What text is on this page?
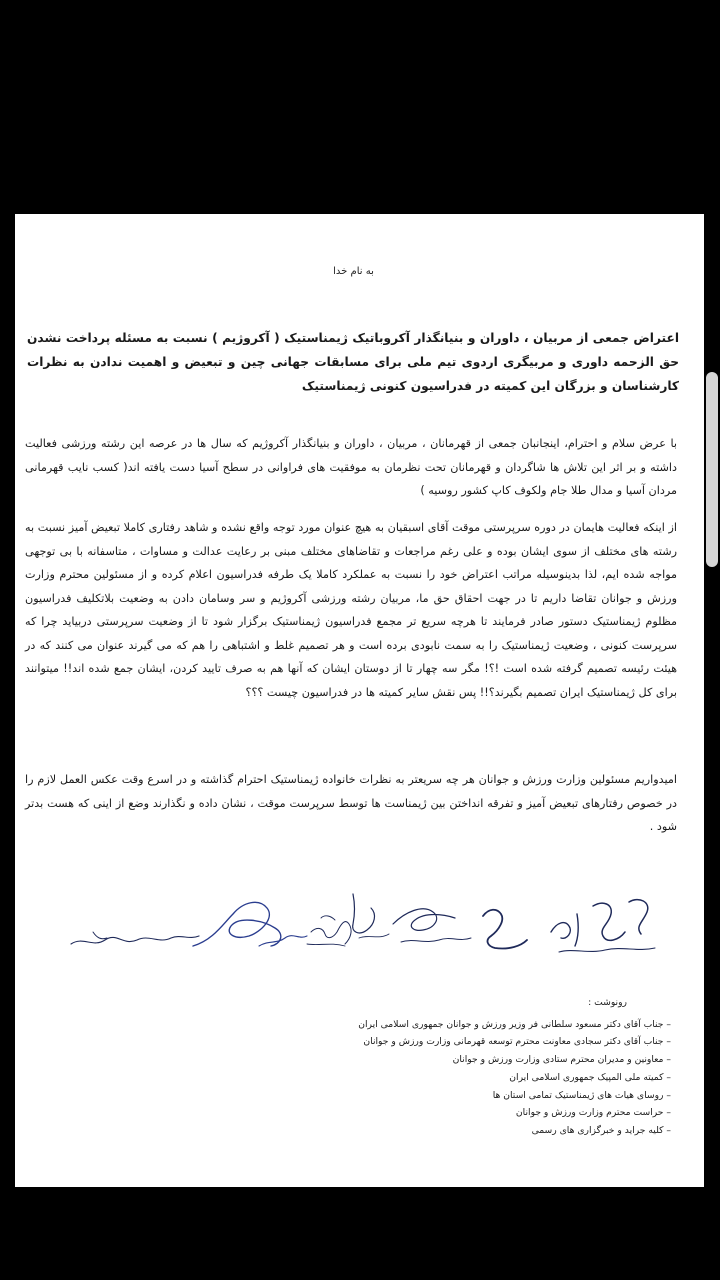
به نام خدا
اعتراض جمعی از مربیان ، داوران و بنیانگذار آکروباتیک ژیمناستیک ( آکروژیم ) نسبت به مسئله پرداخت نشدن حق الزحمه داوری و مربیگری اردوی تیم ملی برای مسابقات جهانی چین و تبعیض و اهمیت ندادن به نظرات کارشناسان و بزرگان این کمیته در فدراسیون کنونی ژیمناستیک
با عرض سلام و احترام، اینجانبان جمعی از قهرمانان ، مربیان ، داوران و بنیانگذار آکروژیم که سال ها در عرصه این رشته ورزشی فعالیت داشته و بر اثر این تلاش ها شاگردان و قهرمانان تحت نظرمان به موفقیت های فراوانی در سطح آسیا دست یافته اند( کسب نایب قهرمانی مردان آسیا و مدال طلا جام ولکوف کاپ کشور روسیه )
از اینکه فعالیت هایمان در دوره سرپرستی موقت آقای اسبقیان به هیچ عنوان مورد توجه واقع نشده و شاهد رفتاری کاملا تبعیض آمیز نسبت به رشته های مختلف از سوی ایشان بوده و علی رغم مراجعات و تقاضاهای مختلف مبنی بر رعایت عدالت و مساوات ، متاسفانه با بی توجهی مواجه شده ایم، لذا بدینوسیله مراتب اعتراض خود را نسبت به عملکرد کاملا یک طرفه فدراسیون اعلام کرده و از مسئولین محترم وزارت ورزش و جوانان تقاضا داریم تا در جهت احقاق حق ما، مربیان رشته ورزشی آکروژیم و سر وسامان دادن به وضعیت بلاتکلیف فدراسیون مظلوم ژیمناستیک دستور صادر فرمایند تا هرچه سریع تر مجمع فدراسیون ژیمناستیک برگزار شود تا از وضعیت سرپرستی دربیاید چرا که سرپرست کنونی ، وضعیت ژیمناستیک را به سمت نابودی برده است و هر تصمیم غلط و اشتباهی را هم که می گیرند عنوان می کنند که در هیئت رئیسه تصمیم گرفته شده است !؟! مگر سه چهار تا از دوستان ایشان که آنها هم به صرف تایید کردن، ایشان جمع شده اند!! میتوانند برای کل ژیمناستیک ایران تصمیم بگیرند؟!! پس نقش سایر کمیته ها در فدراسیون چیست ؟؟؟
امیدواریم مسئولین وزارت ورزش و جوانان هر چه سریعتر به نظرات خانواده ژیمناستیک احترام گذاشته و در اسرع وقت عکس العمل لازم را در خصوص رفتارهای تبعیض آمیز و تفرقه انداختن بین ژیمناست ها توسط سرپرست موقت ، نشان داده و نگذارند وضع از اینی که هست بدتر شود .
رونوشت :
– جناب آقای دکتر مسعود سلطانی فر وزیر ورزش و جوانان جمهوری اسلامی ایران
– جناب آقای دکتر سجادی معاونت محترم توسعه قهرمانی وزارت ورزش و جوانان
– معاونین و مدیران محترم ستادی وزارت ورزش و جوانان
– کمیته ملی المپیک جمهوری اسلامی ایران
– روسای هیات های ژیمناستیک تمامی استان ها
– حراست محترم وزارت ورزش و جوانان
– کلیه جراید و خبرگزاری های رسمی
